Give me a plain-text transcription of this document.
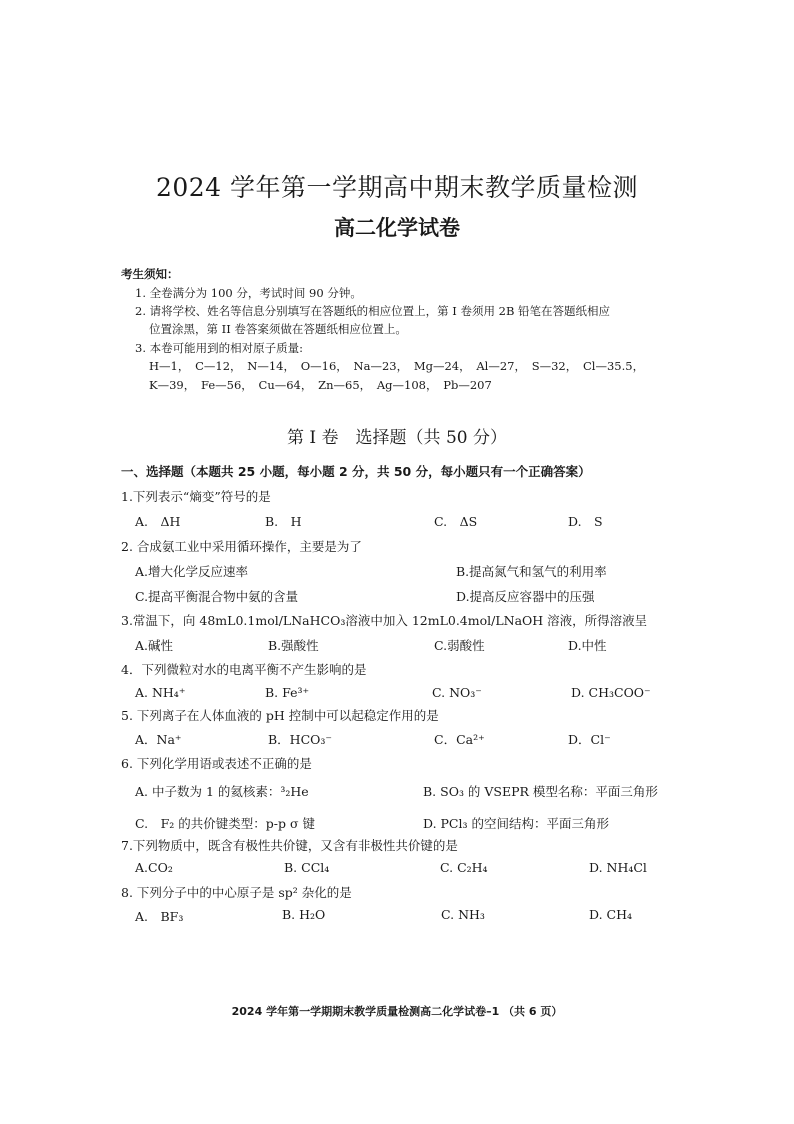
2024 学年第一学期高中期末教学质量检测
高二化学试卷
考生须知：
1. 全卷满分为 100 分，考试时间 90 分钟。
2. 请将学校、姓名等信息分别填写在答题纸的相应位置上，第 I 卷须用 2B 铅笔在答题纸相应
位置涂黑，第 II 卷答案须做在答题纸相应位置上。
3. 本卷可能用到的相对原子质量:
H—1，　C—12，　N—14，　O—16，　Na—23，　Mg—24，　Al—27，　S—32，　Cl—35.5，
K—39，　Fe—56，　Cu—64，　Zn—65，　Ag—108，　Pb—207
第 I 卷　选择题（共 50 分）
一、选择题（本题共 25 小题，每小题 2 分，共 50 分，每小题只有一个正确答案）
1.下列表示“熵变”符号的是
A.　ΔH	B.　H	C.　ΔS	D.　S
2. 合成氨工业中采用循环操作，主要是为了
A.增大化学反应速率	B.提高氮气和氢气的利用率
C.提高平衡混合物中氨的含量	D.提高反应容器中的压强
3.常温下，向 48mL0.1mol/LNaHCO₃溶液中加入 12mL0.4mol/LNaOH 溶液，所得溶液呈
A.碱性	B.强酸性	C.弱酸性	D.中性
4．下列微粒对水的电离平衡不产生影响的是
A. NH₄⁺	B. Fe³⁺	C. NO₃⁻	D. CH₃COO⁻
5. 下列离子在人体血液的 pH 控制中可以起稳定作用的是
A．Na⁺	B．HCO₃⁻	C．Ca²⁺	D．Cl⁻
6. 下列化学用语或表述不正确的是
A. 中子数为 1 的氦核素：³₂He	B. SO₃ 的 VSEPR 模型名称：平面三角形
C.　F₂ 的共价键类型：p-p σ 键	D. PCl₃ 的空间结构：平面三角形
7.下列物质中，既含有极性共价键，又含有非极性共价键的是
A.CO₂	B. CCl₄	C. C₂H₄	D. NH₄Cl
8. 下列分子中的中心原子是 sp² 杂化的是
A.　BF₃	B. H₂O	C. NH₃	D. CH₄
2024 学年第一学期期末教学质量检测高二化学试卷–1 （共 6 页）
